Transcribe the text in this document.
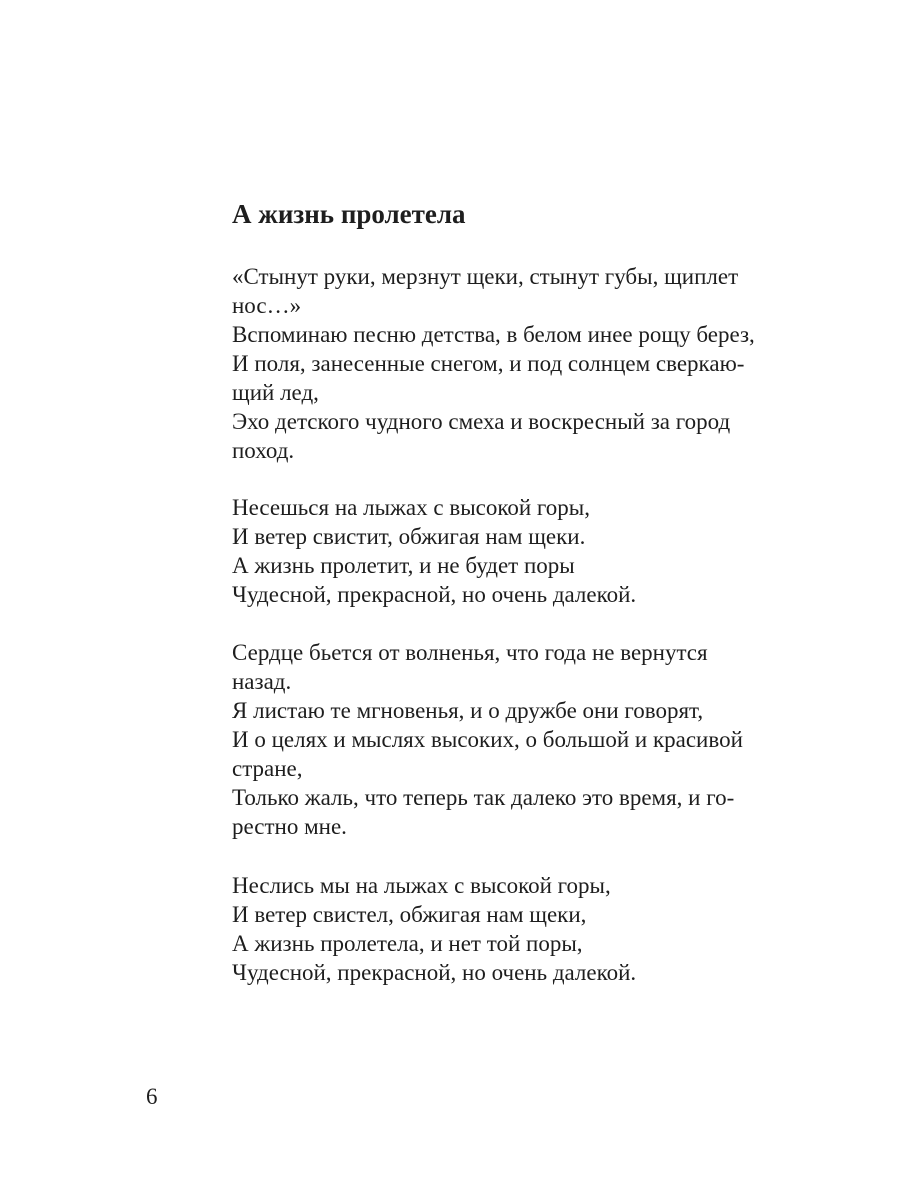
А жизнь пролетела
«Стынут руки, мерзнут щеки, стынут губы, щиплет
нос…»
Вспоминаю песню детства, в белом инее рощу берез,
И поля, занесенные снегом, и под солнцем сверкаю-
щий лед,
Эхо детского чудного смеха и воскресный за город
поход.
Несешься на лыжах с высокой горы,
И ветер свистит, обжигая нам щеки.
А жизнь пролетит, и не будет поры
Чудесной, прекрасной, но очень далекой.
Сердце бьется от волненья, что года не вернутся
назад.
Я листаю те мгновенья, и о дружбе они говорят,
И о целях и мыслях высоких, о большой и красивой
стране,
Только жаль, что теперь так далеко это время, и го-
рестно мне.
Неслись мы на лыжах с высокой горы,
И ветер свистел, обжигая нам щеки,
А жизнь пролетела, и нет той поры,
Чудесной, прекрасной, но очень далекой.
6
